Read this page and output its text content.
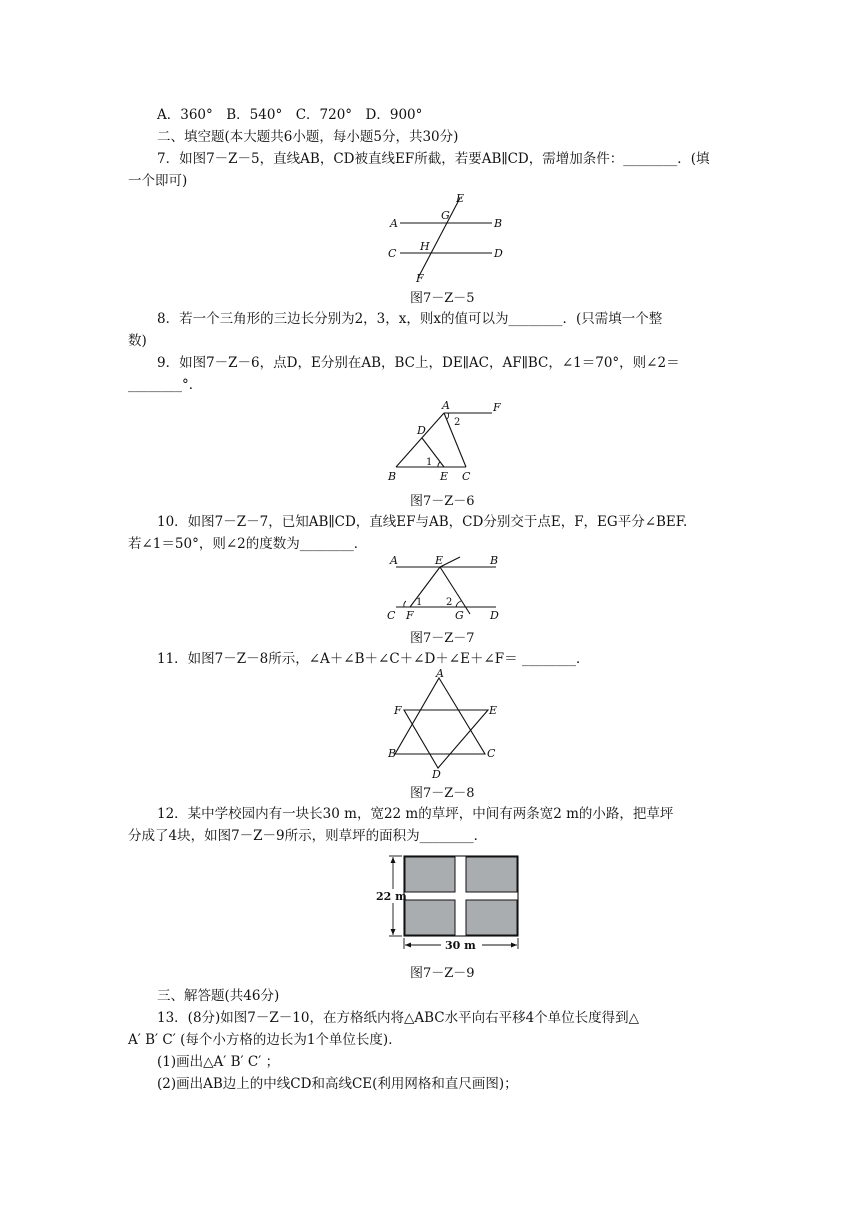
A．360°　B．540°　C．720°　D．900°
二、填空题(本大题共6小题，每小题5分，共30分)
7．如图7－Z－5，直线AB，CD被直线EF所截，若要AB∥CD，需增加条件：________．(填
一个即可)
A	B
C	D
E
F
G
H
图7－Z－5
8．若一个三角形的三边长分别为2，3，x，则x的值可以为________．(只需填一个整
数)
9．如图7－Z－6，点D，E分别在AB，BC上，DE∥AC，AF∥BC，∠1＝70°，则∠2＝
________°．
A	F
D
B	E C
1
2
图7－Z－6
10．如图7－Z－7，已知AB∥CD，直线EF与AB，CD分别交于点E，F，EG平分∠BEF.
若∠1＝50°，则∠2的度数为________．
A	E	B
C F	G D
1 2
图7－Z－7
11．如图7－Z－8所示，∠A＋∠B＋∠C＋∠D＋∠E＋∠F＝ ________．
A
F	E
B	C
D
图7－Z－8
12．某中学校园内有一块长30 m，宽22 m的草坪，中间有两条宽2 m的小路，把草坪
分成了4块，如图7－Z－9所示，则草坪的面积为________．
22 m
30 m
图7－Z－9
三、解答题(共46分)
13．(8分)如图7－Z－10，在方格纸内将△ABC水平向右平移4个单位长度得到△
A′ B′ C′ (每个小方格的边长为1个单位长度)．
(1)画出△A′ B′ C′ ；
(2)画出AB边上的中线CD和高线CE(利用网格和直尺画图)；
